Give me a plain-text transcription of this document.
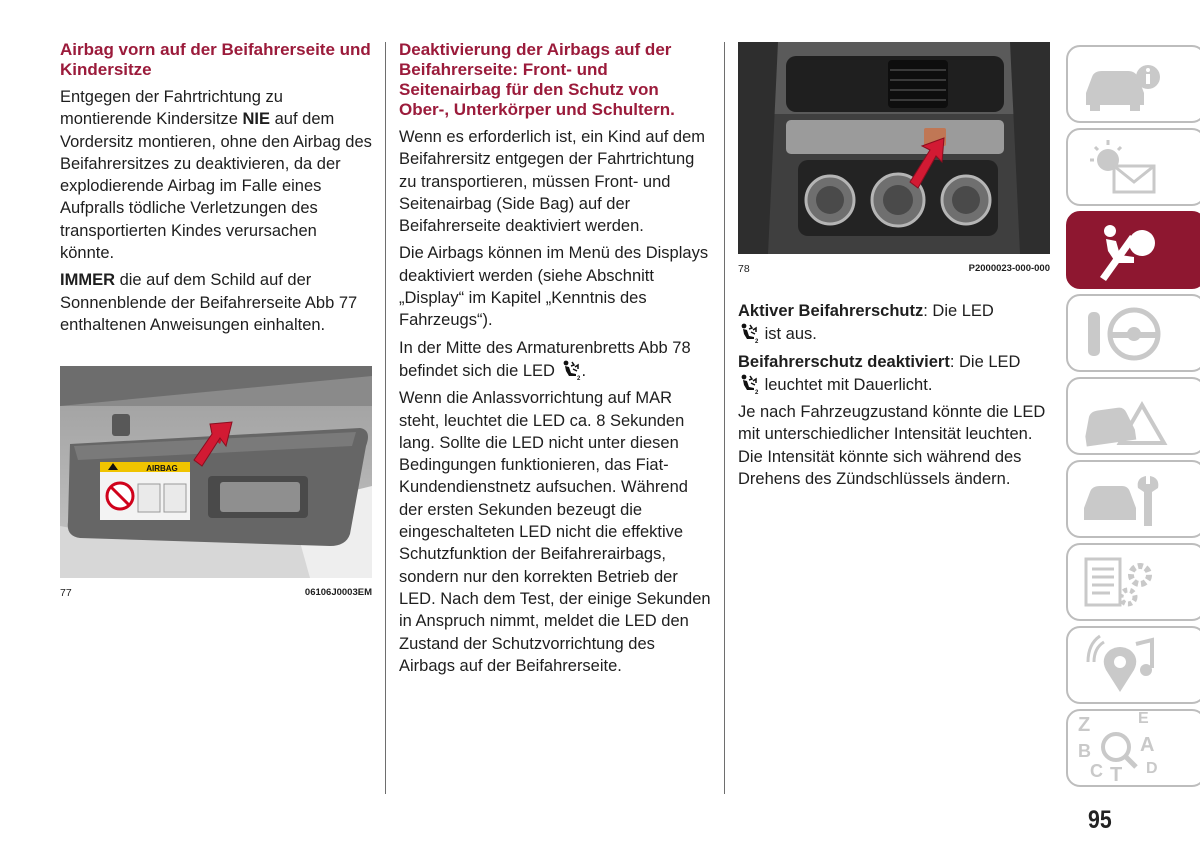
Airbag vorn auf der Beifahrerseite und Kindersitze
Entgegen der Fahrtrichtung zu montierende Kindersitze NIE auf dem Vordersitz montieren, ohne den Airbag des Beifahrersitzes zu deaktivieren, da der explodierende Airbag im Falle eines Aufpralls tödliche Verletzungen des transportierten Kindes verursachen könnte.
IMMER die auf dem Schild auf der Sonnenblende der Beifahrerseite Abb 77 enthaltenen Anweisungen einhalten.
AIRBAG
77	06106J0003EM
Deaktivierung der Airbags auf der Beifahrerseite: Front- und Seitenairbag für den Schutz von Ober-, Unterkörper und Schultern.
Wenn es erforderlich ist, ein Kind auf dem Beifahrersitz entgegen der Fahrtrichtung zu transportieren, müssen Front- und Seitenairbag (Side Bag) auf der Beifahrerseite deaktiviert werden.
Die Airbags können im Menü des Displays deaktiviert werden (siehe Abschnitt „Display“ im Kapitel „Kenntnis des Fahrzeugs“).
In der Mitte des Armaturenbretts Abb 78 befindet sich die LED	2 .
Wenn die Anlassvorrichtung auf MAR steht, leuchtet die LED ca. 8 Sekunden lang. Sollte die LED nicht unter diesen Bedingungen funktionieren, das Fiat-Kundendienstnetz aufsuchen. Während der ersten Sekunden bezeugt die eingeschalteten LED nicht die effektive Schutzfunktion der Beifahrerairbags, sondern nur den korrekten Betrieb der LED. Nach dem Test, der einige Sekunden in Anspruch nimmt, meldet die LED den Zustand der Schutzvorrichtung des Airbags auf der Beifahrerseite.
78	P2000023-000-000
Aktiver Beifahrerschutz: Die LED

2 ist aus.
Beifahrerschutz deaktiviert: Die LED

2 leuchtet mit Dauerlicht.
Je nach Fahrzeugzustand könnte die LED mit unterschiedlicher Intensität leuchten. Die Intensität könnte sich während des Drehens des Zündschlüssels ändern.
Z	E
B A
C T D
95
